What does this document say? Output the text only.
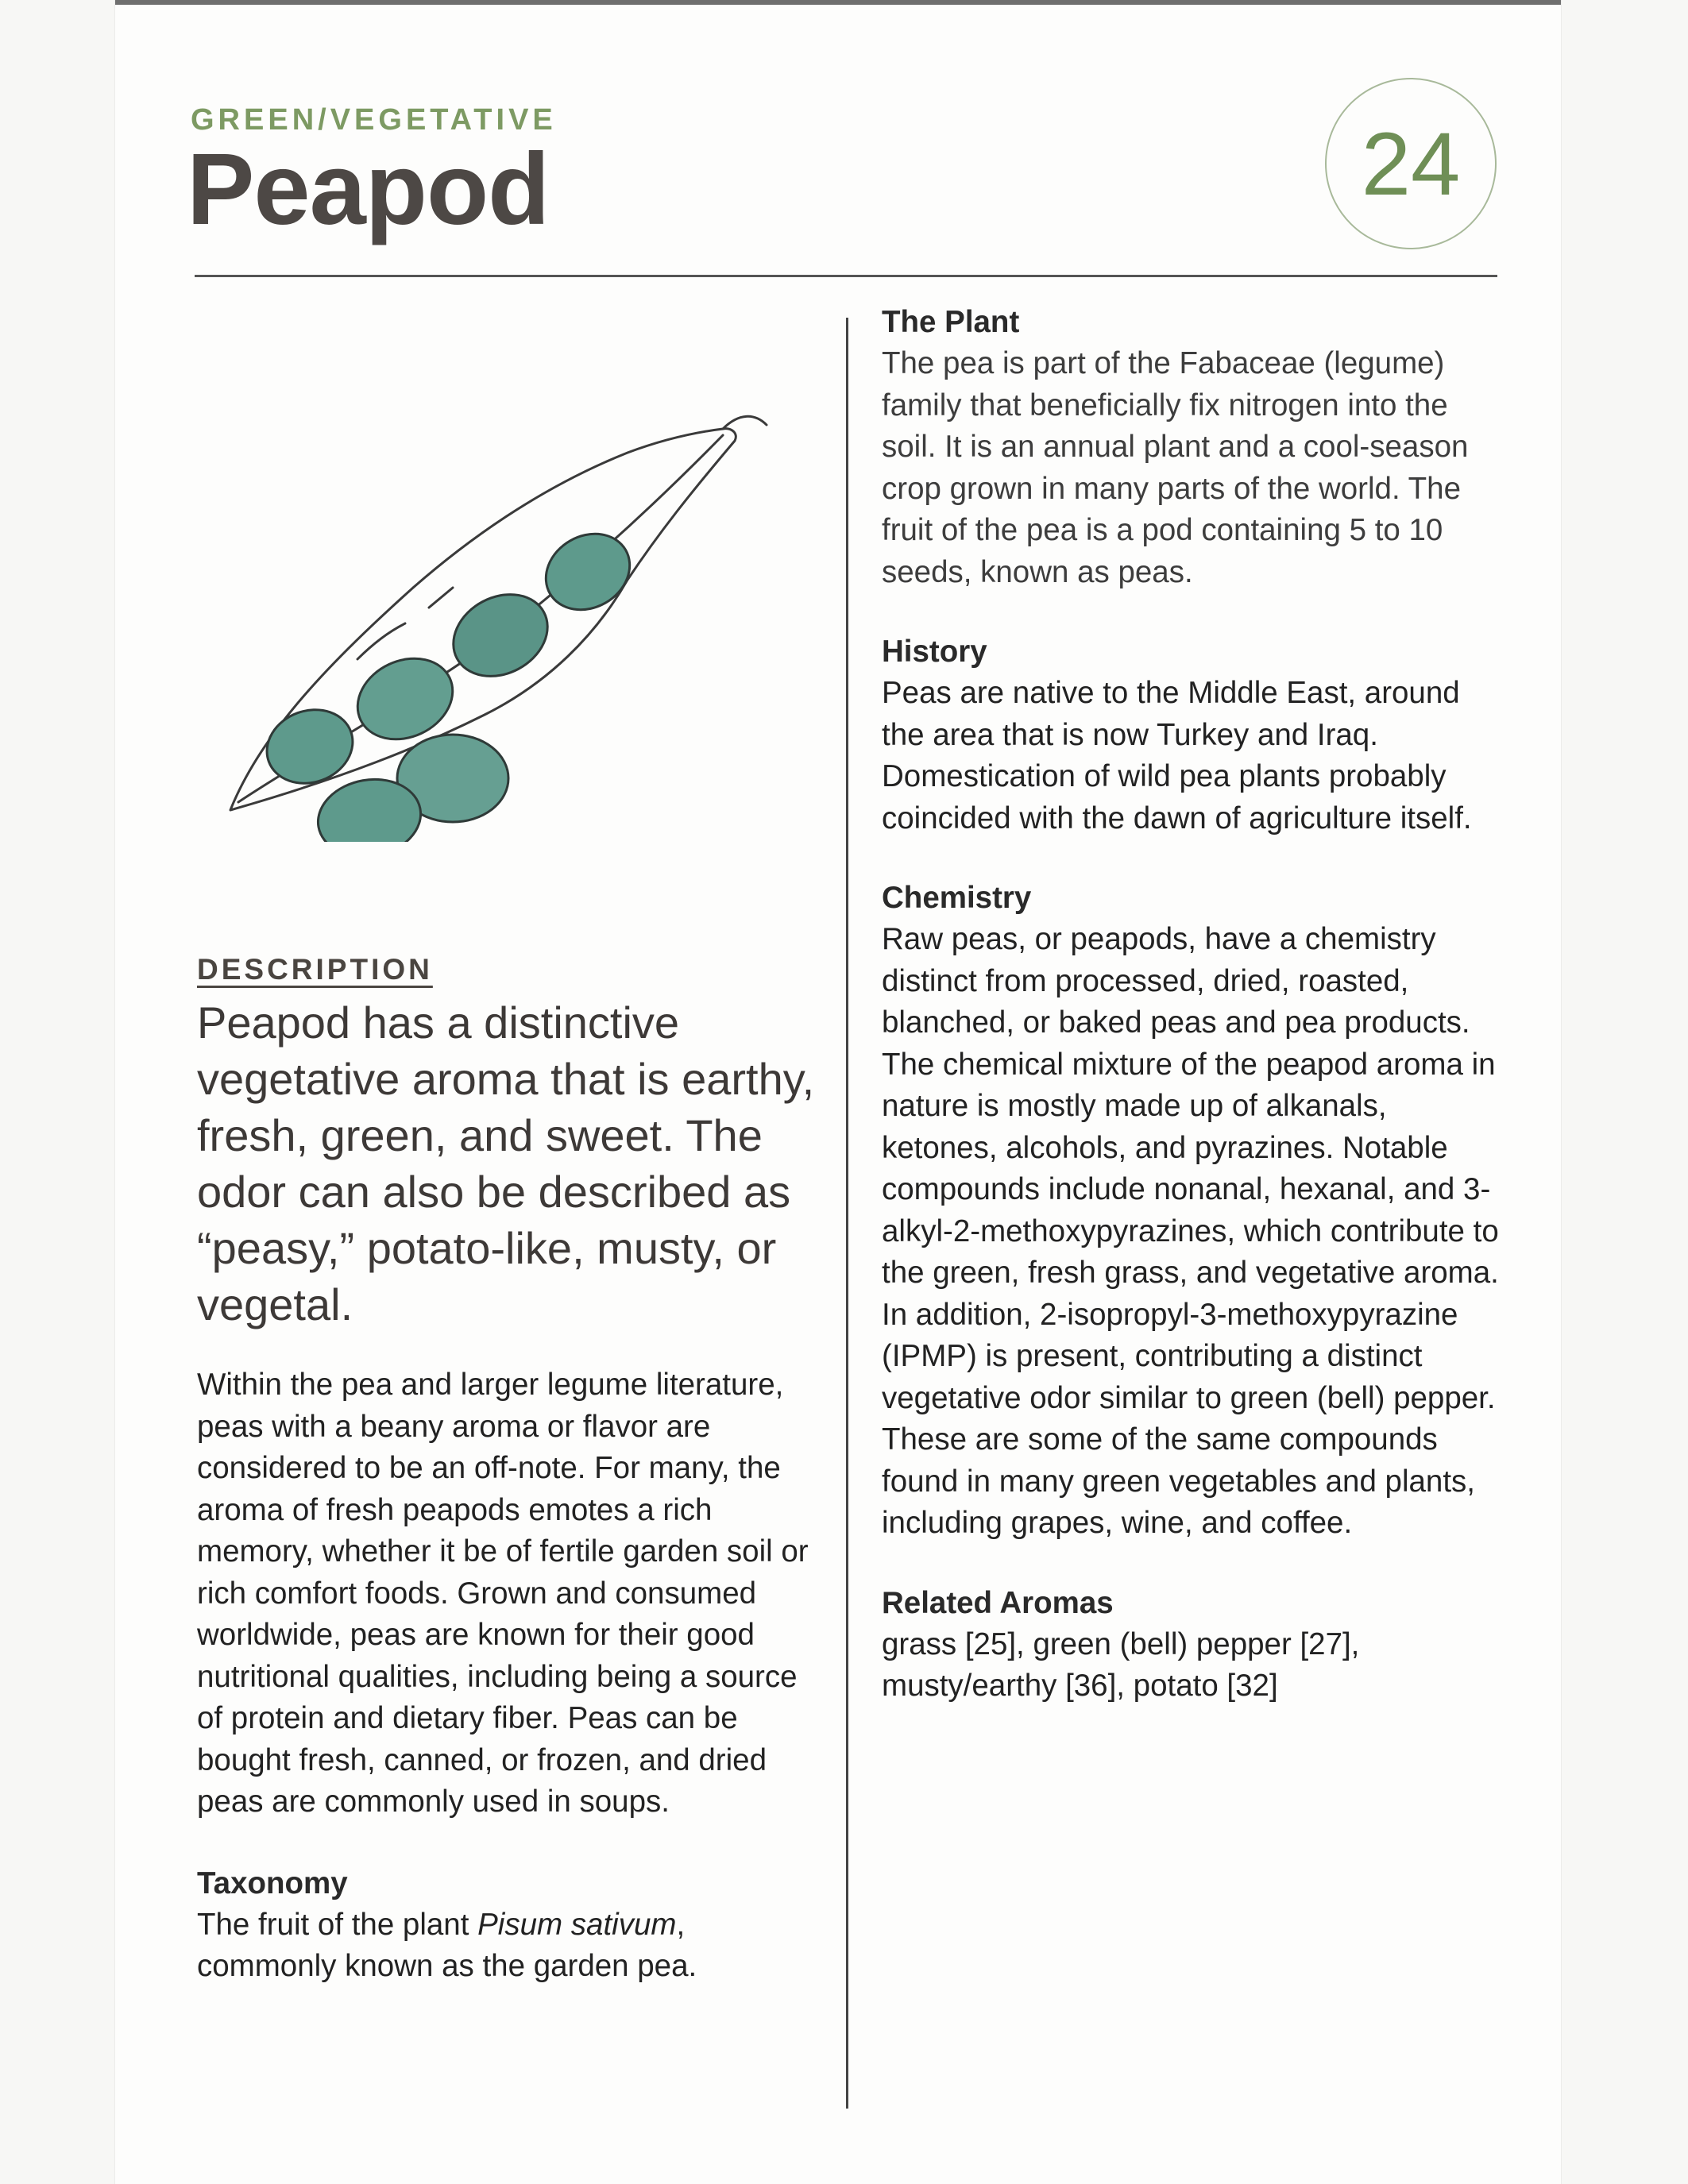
GREEN/VEGETATIVE
Peapod	24
DESCRIPTION
Peapod has a distinctive vegetative aroma that is earthy, fresh, green, and sweet. The odor can also be described as “peasy,” potato-like, musty, or vegetal.
Within the pea and larger legume literature, peas with a beany aroma or flavor are considered to be an off-note. For many, the aroma of fresh peapods emotes a rich memory, whether it be of fertile garden soil or rich comfort foods. Grown and consumed worldwide, peas are known for their good nutritional qualities, including being a source of protein and dietary fiber. Peas can be bought fresh, canned, or frozen, and dried peas are commonly used in soups.
Taxonomy
The fruit of the plant Pisum sativum, commonly known as the garden pea.
The Plant
The pea is part of the Fabaceae (legume) family that beneficially fix nitrogen into the soil. It is an annual plant and a cool-season crop grown in many parts of the world. The fruit of the pea is a pod containing 5 to 10 seeds, known as peas.
History
Peas are native to the Middle East, around the area that is now Turkey and Iraq. Domestication of wild pea plants probably coincided with the dawn of agriculture itself.
Chemistry
Raw peas, or peapods, have a chemistry distinct from processed, dried, roasted, blanched, or baked peas and pea products. The chemical mixture of the peapod aroma in nature is mostly made up of alkanals, ketones, alcohols, and pyrazines. Notable compounds include nonanal, hexanal, and 3-alkyl-2-methoxypyrazines, which contribute to the green, fresh grass, and vegetative aroma. In addition, 2-isopropyl-3-methoxypyrazine (IPMP) is present, contributing a distinct vegetative odor similar to green (bell) pepper. These are some of the same compounds found in many green vegetables and plants, including grapes, wine, and coffee.
Related Aromas
grass [25], green (bell) pepper [27], musty/earthy [36], potato [32]
